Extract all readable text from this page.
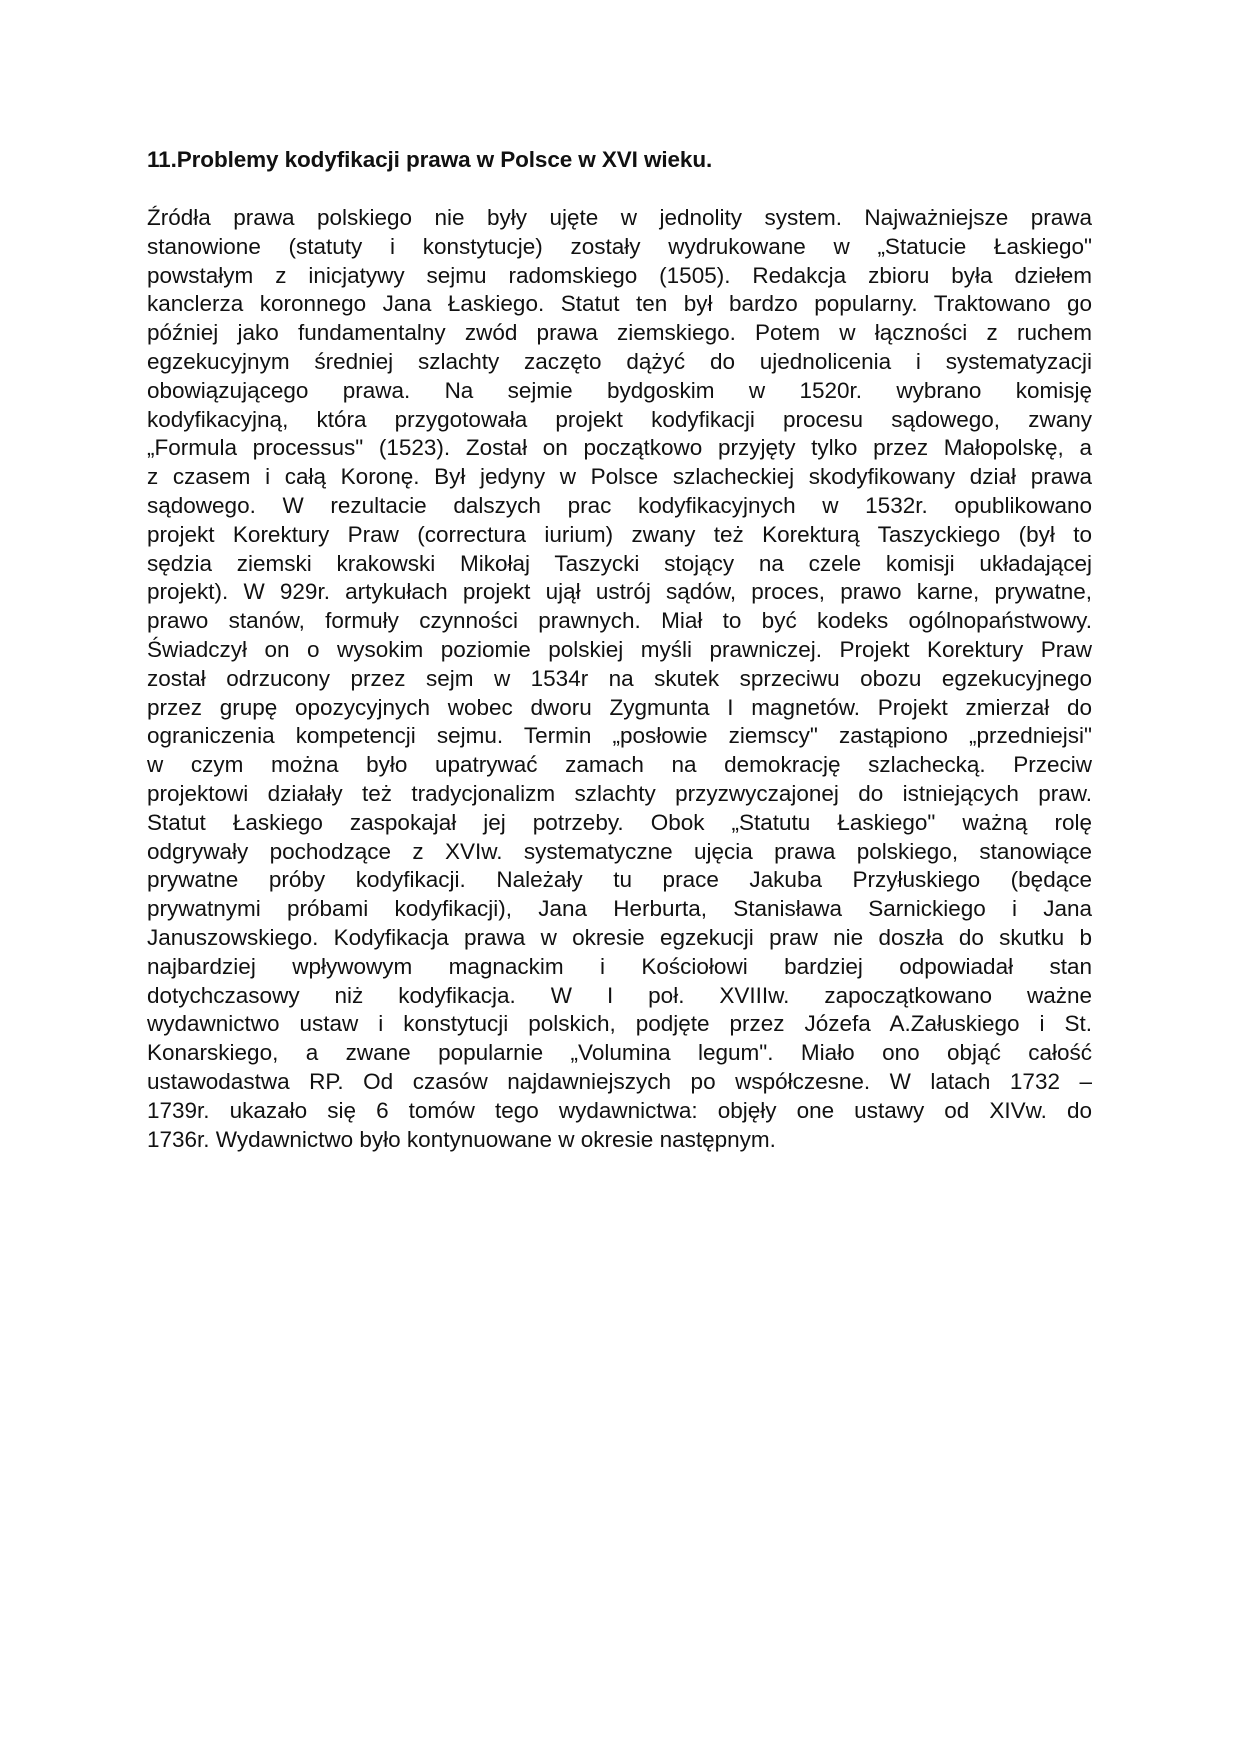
11.Problemy kodyfikacji prawa w Polsce w XVI wieku.
Źródła prawa polskiego nie były ujęte w jednolity system. Najważniejsze prawa
stanowione (statuty i konstytucje) zostały wydrukowane w „Statucie Łaskiego"
powstałym z inicjatywy sejmu radomskiego (1505). Redakcja zbioru była dziełem
kanclerza koronnego Jana Łaskiego. Statut ten był bardzo popularny. Traktowano go
później jako fundamentalny zwód prawa ziemskiego. Potem w łączności z ruchem
egzekucyjnym średniej szlachty zaczęto dążyć do ujednolicenia i systematyzacji
obowiązującego prawa. Na sejmie bydgoskim w 1520r. wybrano komisję
kodyfikacyjną, która przygotowała projekt kodyfikacji procesu sądowego, zwany
„Formula processus" (1523). Został on początkowo przyjęty tylko przez Małopolskę, a
z czasem i całą Koronę. Był jedyny w Polsce szlacheckiej skodyfikowany dział prawa
sądowego. W rezultacie dalszych prac kodyfikacyjnych w 1532r. opublikowano
projekt Korektury Praw (correctura iurium) zwany też Korekturą Taszyckiego (był to
sędzia ziemski krakowski Mikołaj Taszycki stojący na czele komisji układającej
projekt). W 929r. artykułach projekt ujął ustrój sądów, proces, prawo karne, prywatne,
prawo stanów, formuły czynności prawnych. Miał to być kodeks ogólnopaństwowy.
Świadczył on o wysokim poziomie polskiej myśli prawniczej. Projekt Korektury Praw
został odrzucony przez sejm w 1534r na skutek sprzeciwu obozu egzekucyjnego
przez grupę opozycyjnych wobec dworu Zygmunta I magnetów. Projekt zmierzał do
ograniczenia kompetencji sejmu. Termin „posłowie ziemscy" zastąpiono „przedniejsi"
w czym można było upatrywać zamach na demokrację szlachecką. Przeciw
projektowi działały też tradycjonalizm szlachty przyzwyczajonej do istniejących praw.
Statut Łaskiego zaspokajał jej potrzeby. Obok „Statutu Łaskiego" ważną rolę
odgrywały pochodzące z XVIw. systematyczne ujęcia prawa polskiego, stanowiące
prywatne próby kodyfikacji. Należały tu prace Jakuba Przyłuskiego (będące
prywatnymi próbami kodyfikacji), Jana Herburta, Stanisława Sarnickiego i Jana
Januszowskiego. Kodyfikacja prawa w okresie egzekucji praw nie doszła do skutku b
najbardziej wpływowym magnackim i Kościołowi bardziej odpowiadał stan
dotychczasowy niż kodyfikacja. W I poł. XVIIIw. zapoczątkowano ważne
wydawnictwo ustaw i konstytucji polskich, podjęte przez Józefa A.Załuskiego i St.
Konarskiego, a zwane popularnie „Volumina legum". Miało ono objąć całość
ustawodastwa RP. Od czasów najdawniejszych po współczesne. W latach 1732 –
1739r. ukazało się 6 tomów tego wydawnictwa: objęły one ustawy od XIVw. do
1736r. Wydawnictwo było kontynuowane w okresie następnym.
